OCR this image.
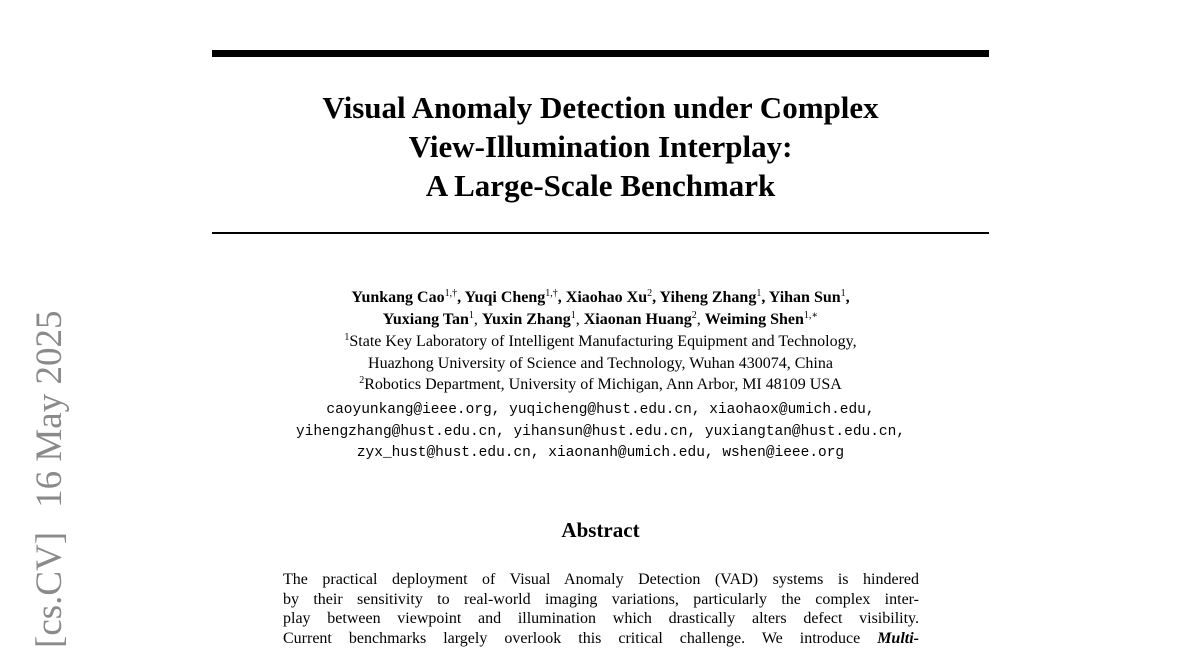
Visual Anomaly Detection under Complex
View-Illumination Interplay:
A Large-Scale Benchmark
[cs.CV]
16 May 2025
Yunkang Cao$^{1,\dagger}$, Yuqi Cheng$^{1,\dagger}$, Xiaohao Xu$^2$, Yiheng Zhang$^1$, Yihan Sun$^1$,
Yuxiang Tan$^1$, Yuxin Zhang$^1$, Xiaonan Huang$^2$, Weiming Shen$^{1,∗}$
$^1$State Key Laboratory of Intelligent Manufacturing Equipment and Technology,
Huazhong University of Science and Technology, Wuhan 430074, China
$^2$Robotics Department, University of Michigan, Ann Arbor, MI 48109 USA
caoyunkang@ieee.org, yuqicheng@hust.edu.cn, xiaohaox@umich.edu,
yihengzhang@hust.edu.cn, yihansun@hust.edu.cn, yuxiangtan@hust.edu.cn,
zyx_hust@hust.edu.cn, xiaonanh@umich.edu, wshen@ieee.org
Abstract
The practical deployment of Visual Anomaly Detection (VAD) systems is hindered
by their sensitivity to real-world imaging variations, particularly the complex inter-
play between viewpoint and illumination which drastically alters defect visibility.
Current benchmarks largely overlook this critical challenge. We introduce Multi-
